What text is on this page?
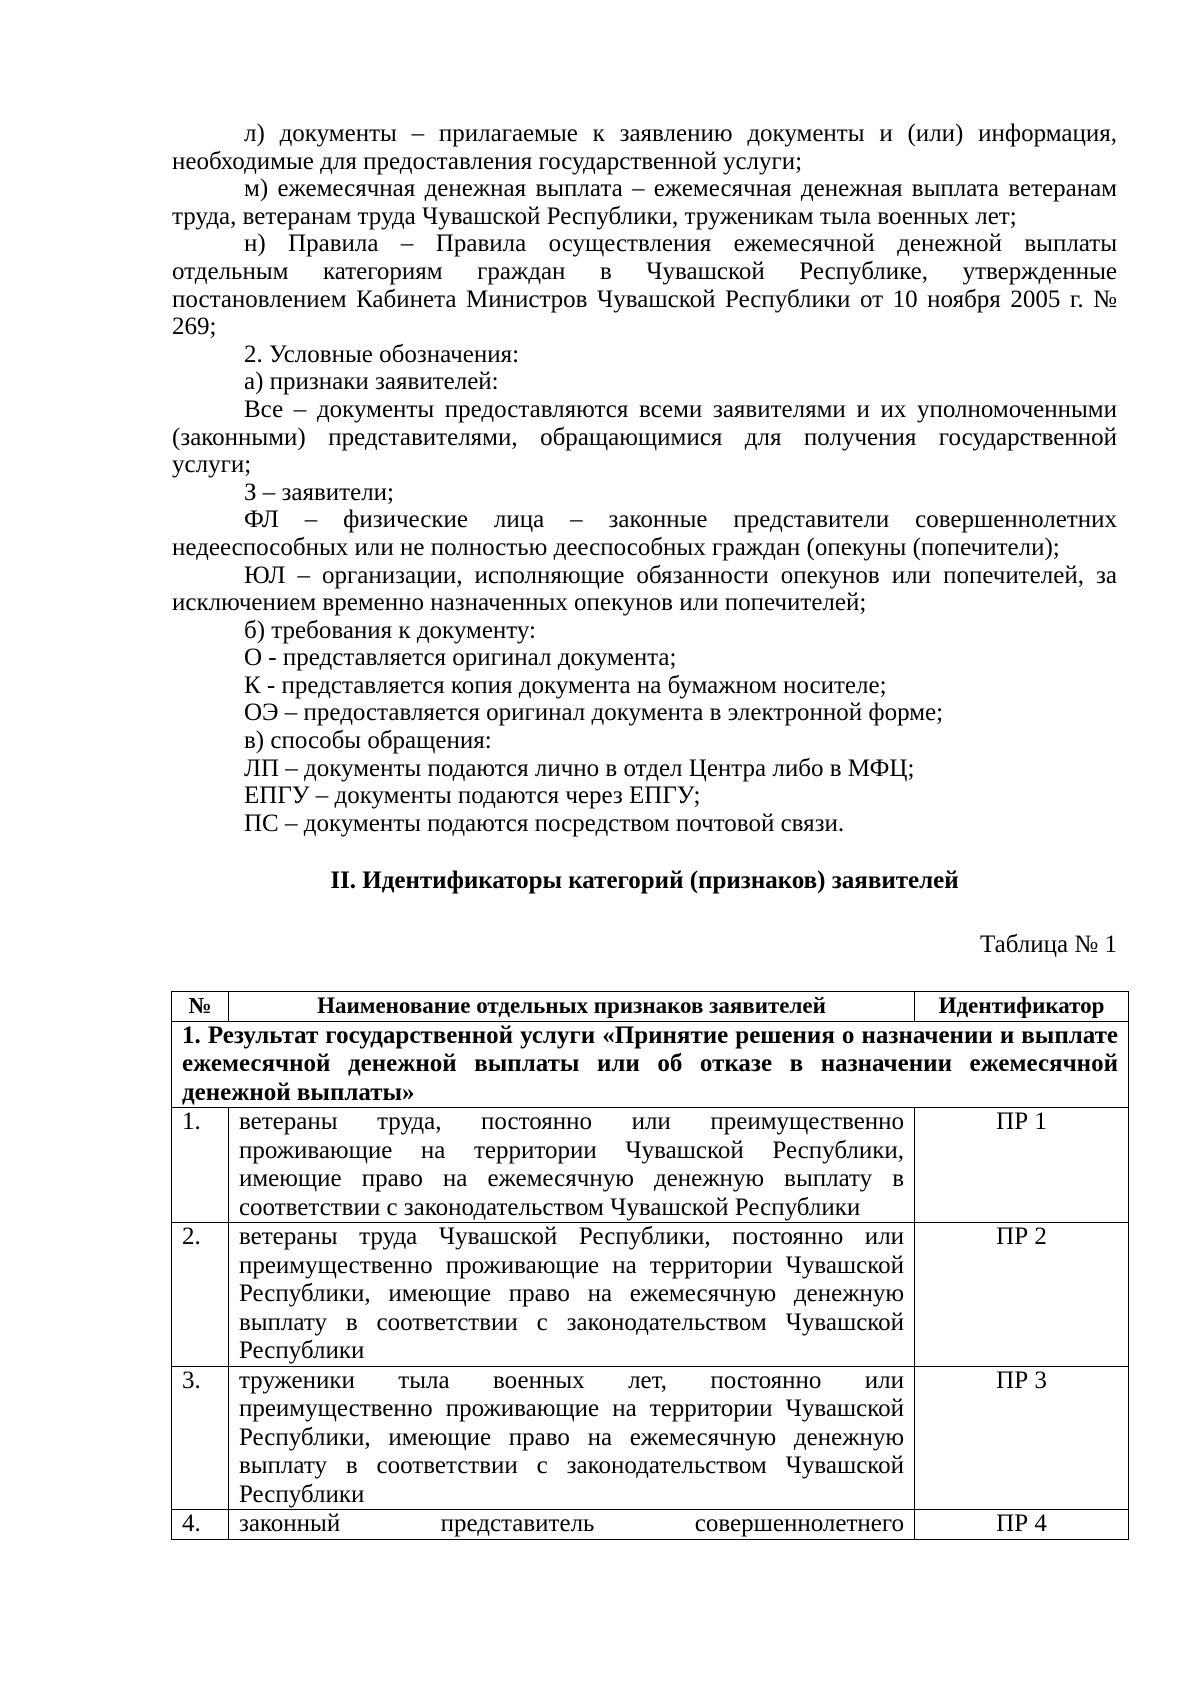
л) документы – прилагаемые к заявлению документы и (или) информация, необходимые для предоставления государственной услуги;

м) ежемесячная денежная выплата – ежемесячная денежная выплата ветеранам труда, ветеранам труда Чувашской Республики, труженикам тыла военных лет;

н) Правила – Правила осуществления ежемесячной денежной выплаты отдельным категориям граждан в Чувашской Республике, утвержденные постановлением Кабинета Министров Чувашской Республики от 10 ноября 2005 г. № 269;

2. Условные обозначения:

а) признаки заявителей:

Все – документы предоставляются всеми заявителями и их уполномоченными (законными) представителями, обращающимися для получения государственной услуги;

З – заявители;

ФЛ – физические лица – законные представители совершеннолетних недееспособных или не полностью дееспособных граждан (опекуны (попечители);

ЮЛ – организации, исполняющие обязанности опекунов или попечителей, за исключением временно назначенных опекунов или попечителей;

б) требования к документу:

О - представляется оригинал документа;

К - представляется копия документа на бумажном носителе;

ОЭ – предоставляется оригинал документа в электронной форме;

в) способы обращения:

ЛП – документы подаются лично в отдел Центра либо в МФЦ;

ЕПГУ – документы подаются через ЕПГУ;

ПС – документы подаются посредством почтовой связи.

II. Идентификаторы категорий (признаков) заявителей
Таблица № 1
№	Наименование отдельных признаков заявителей	Идентификатор
1. Результат государственной услуги «Принятие решения о назначении и выплате ежемесячной денежной выплаты или об отказе в назначении ежемесячной денежной выплаты»		
1.	ветераны труда, постоянно или преимущественно проживающие на территории Чувашской Республики, имеющие право на ежемесячную денежную выплату в соответствии с законодательством Чувашской Республики	ПР 1
2.	ветераны труда Чувашской Республики, постоянно или преимущественно проживающие на территории Чувашской Республики, имеющие право на ежемесячную денежную выплату в соответствии с законодательством Чувашской Республики	ПР 2
3.	труженики тыла военных лет, постоянно или преимущественно проживающие на территории Чувашской Республики, имеющие право на ежемесячную денежную выплату в соответствии с законодательством Чувашской Республики	ПР 3
4.	законный представитель совершеннолетнего	ПР 4
